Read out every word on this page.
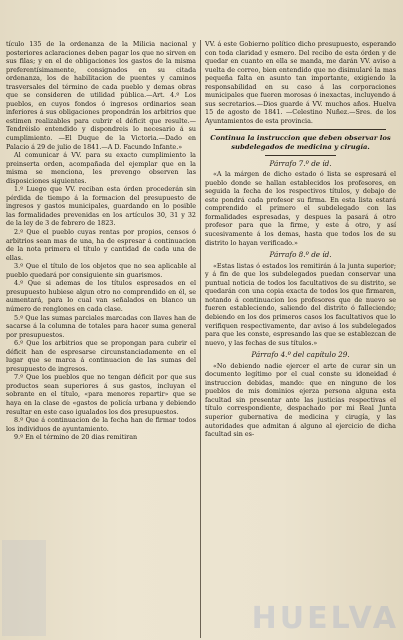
tículo 135 de la ordenanza de la Milicia nacional y posteriores aclaraciones deben pagar los que no sirven en sus filas; y en el de obligaciones los gastos de la misma preferentísimamente, consignados en su citada ordenanza, los de habilitacion de puentes y caminos trasversales del término de cada pueblo y demas obras que se consideren de utilidad pública.—Art. 4.º Los pueblos, en cuyos fondos ó ingresos ordinarios sean inferiores á sus obligaciones propondrán los arbitrios que estimen realizables para cubrir el déficit que resulte.—Tendréislo entendido y dispondreis lo necesario á su cumplimiento. —El Duque de la Victoria.—Dado en Palacio á 29 de julio de 1841.—A D. Facundo Infante.»

Al comunicar á VV. para su exacto cumplimiento la preinserta orden, acompañada del ejemplar que en la misma se menciona, les prevengo observen las disposiciones siguientes.

1.º Luego que VV. reciban esta órden procederán sin pérdida de tiempo á la formacion del presupuesto de ingresos y gastos municipales, guardando en lo posible las formalidades prevenidas en los artículos 30, 31 y 32 de la ley de 3 de febrero de 1823.

2.º Que el pueblo cuyas rentas por propios, censos ó arbitrios sean mas de una, ha de espresar á continuacion de la nota primera el título y cantidad de cada una de ellas.

3.º Que el título de los objetos que no sea aplicable al pueblo quedará por consiguiente sin guarismos.

4.º Que si ademas de los títulos espresados en el presupuesto hubiese algun otro no comprendido en él, se aumentará, para lo cual van señalados en blanco un número de renglones en cada clase.

5.º Que las sumas parciales marcadas con llaves han de sacarse á la columna de totales para hacer suma general por presupuestos.

6.º Que los arbitrios que se propongan para cubrir el déficit han de espresarse circunstanciadamente en el lugar que se marca á continuacion de las sumas del presupuesto de ingresos.

7.º Que los pueblos que no tengan déficit por que sus productos sean superiores á sus gastos, incluyan el sobrante en el título, «para menores repartir» que se haya en la clase de «gastos de policía urbana y debiendo resultar en este caso igualados los dos presupuestos.

8.º Que á continuacion de la fecha han de firmar todos los individuos de ayuntamiento.

9.º En el término de 20 dias remitiran

VV. á este Gobierno político dicho presupuesto, esperando con toda claridad y esmero. Del recibo de esta órden y de quedar en cuanto en ella se manda, me darán VV. aviso a vuelta de correo, bien entendido que no disimularé la mas pequeña falta en asunto tan importante, exigiendo la responsabilidad en su caso á las corporaciones municipales que fueren morosas ó inexactas, incluyendo á sus secretarios.—Dios guarde á VV. muchos años. Huelva 15 de agosto de 1841. —Celestino Nuñez.—Sres. de los Ayuntamientos de esta provincia.

Continua la instruccion que deben observar los subdelegados de medicina y cirugía.

Párrafo 7.º de íd.

«A la márgen de dicho estado ó lista se espresará el pueblo donde se hallan establecidos los profesores, en seguida la fecha de los respectivos títulos, y debajo de este pondrá cada profesor su firma. En esta lista estará comprendido el primero el subdelegado con las formalidades espresadas, y despues la pasará á otro profesor para que la firme, y este á otro, y así sucesivamente á los demas, hasta que todos los de su distrito lo hayan verificado.»

Párrafo 8.º de íd.

«Estas listas ó estados los remitirán á la junta superior; y á fin de que los subdelegados puedan conservar una puntual noticia de todos los facultativos de su distrito, se quedarán con una copia exacta de todos los que firmaren, notando á continuacion los profesores que de nuevo se fueren estableciendo, saliendo del distrito ó falleciendo; debiendo en los dos primeros casos los facultativos que lo verifiquen respectivamente, dar aviso á los subdelegados para que les conste, espresando las que se establezcan de nuevo, y las fechas de sus títulos.»

Párrafo 4.º del capítulo 29.

«No debiendo nadie ejercer el arte de curar sin un documento legítimo por el cual conste su idoneidad é instruccion debidas, mando: que en ninguno de los pueblos de mis dominios ejerza persona alguna esta facultad sin presentar ante las justicias respectivas el título correspondiente, despachado por mi Real Junta superior gubernativa de medicina y cirugía, y las autoridades que admitan á alguno al ejercicio de dicha facultad sin es-

HUELVA
